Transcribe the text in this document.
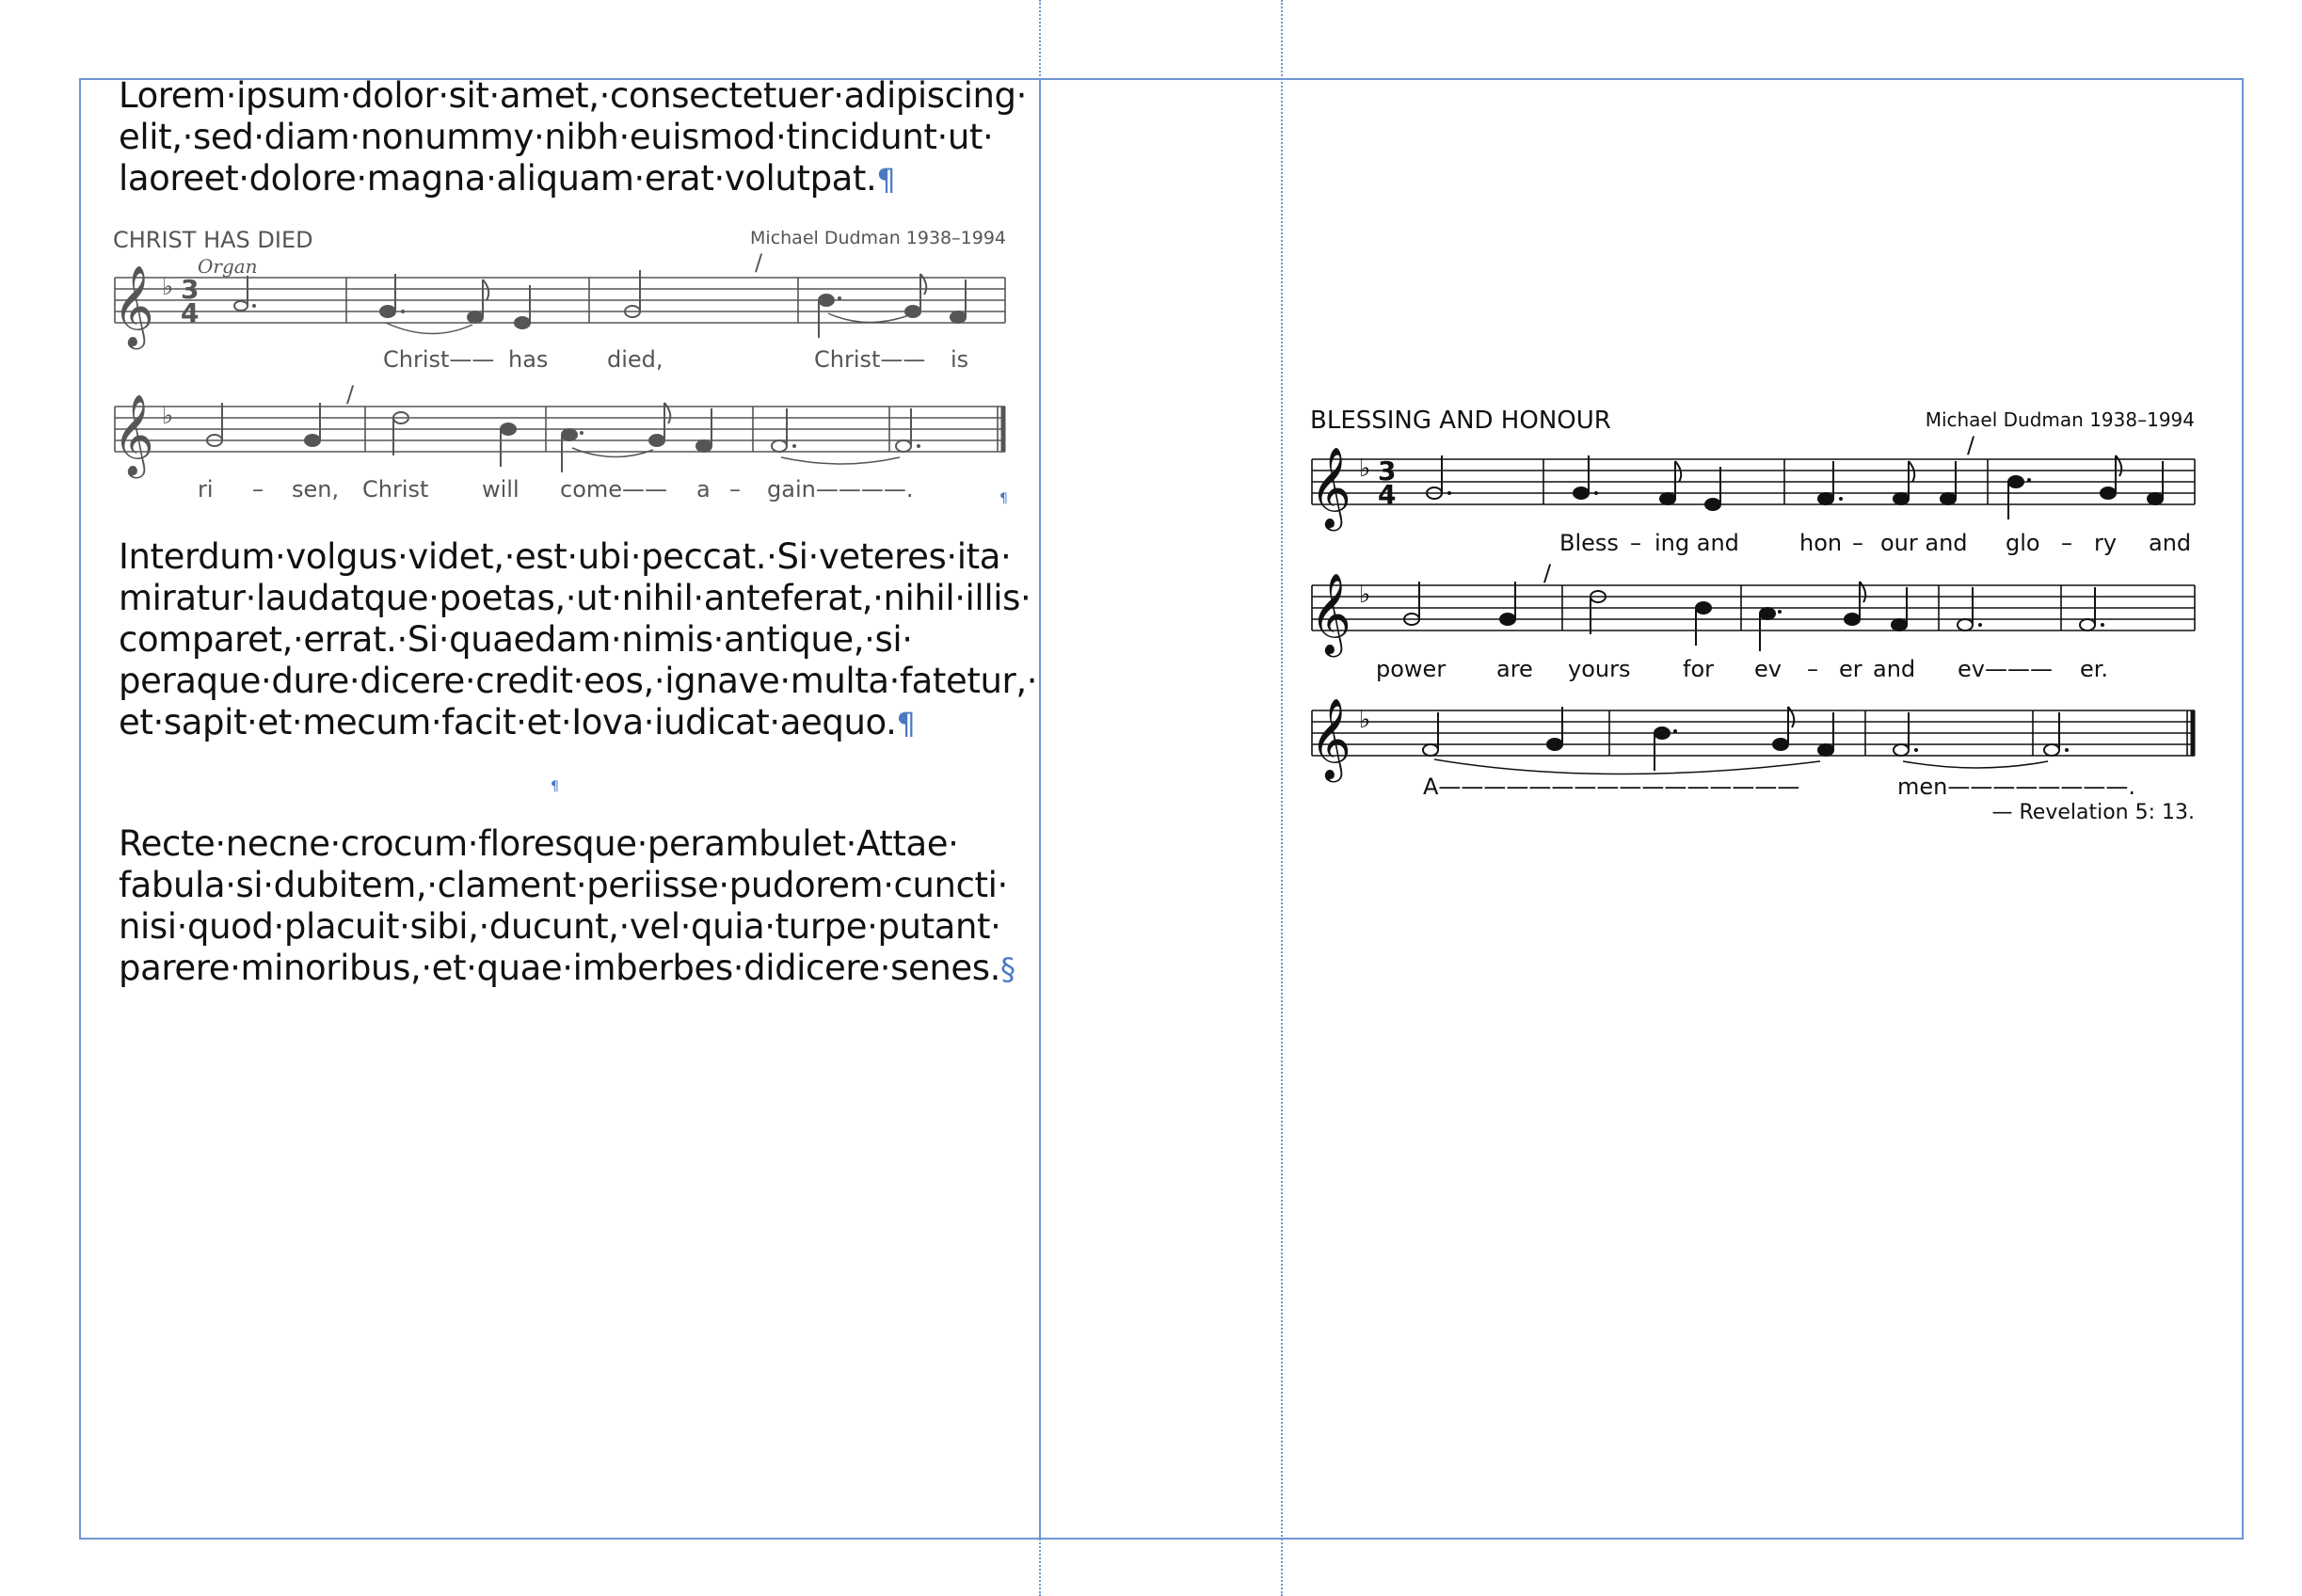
Lorem·ipsum·dolor·sit·amet,·consectetuer·adipiscing·
elit,·sed·diam·nonummy·nibh·euismod·tincidunt·ut·
laoreet·dolore·magna·aliquam·erat·volutpat.¶
CHRIST HAS DIED	Michael Dudman 1938–1994
Organ	/
𝄞 ♭ 3
4
Christ—— has	died,	Christ—— is
𝄞 ♭
/
ri – sen, Christ will come—— a – gain————.	¶
Interdum·volgus·videt,·est·ubi·peccat.·Si·veteres·ita·
miratur·laudatque·poetas,·ut·nihil·anteferat,·nihil·illis·
comparet,·errat.·Si·quaedam·nimis·antique,·si·
peraque·dure·dicere·credit·eos,·ignave·multa·fatetur,·
et·sapit·et·mecum·facit·et·Iova·iudicat·aequo.¶
¶
Recte·necne·crocum·floresque·perambulet·Attae·
fabula·si·dubitem,·clament·periisse·pudorem·cuncti·
nisi·quod·placuit·sibi,·ducunt,·vel·quia·turpe·putant·
parere·minoribus,·et·quae·imberbes·didicere·senes.§
BLESSING AND HONOUR	Michael Dudman 1938–1994
/
𝄞 ♭ 3
4
Bless – ing and	hon – our and glo – ry and
/
𝄞 ♭
power are yours for ev – er and ev——— er.
𝄞 ♭
A————————————————	men————————.
— Revelation 5: 13.
